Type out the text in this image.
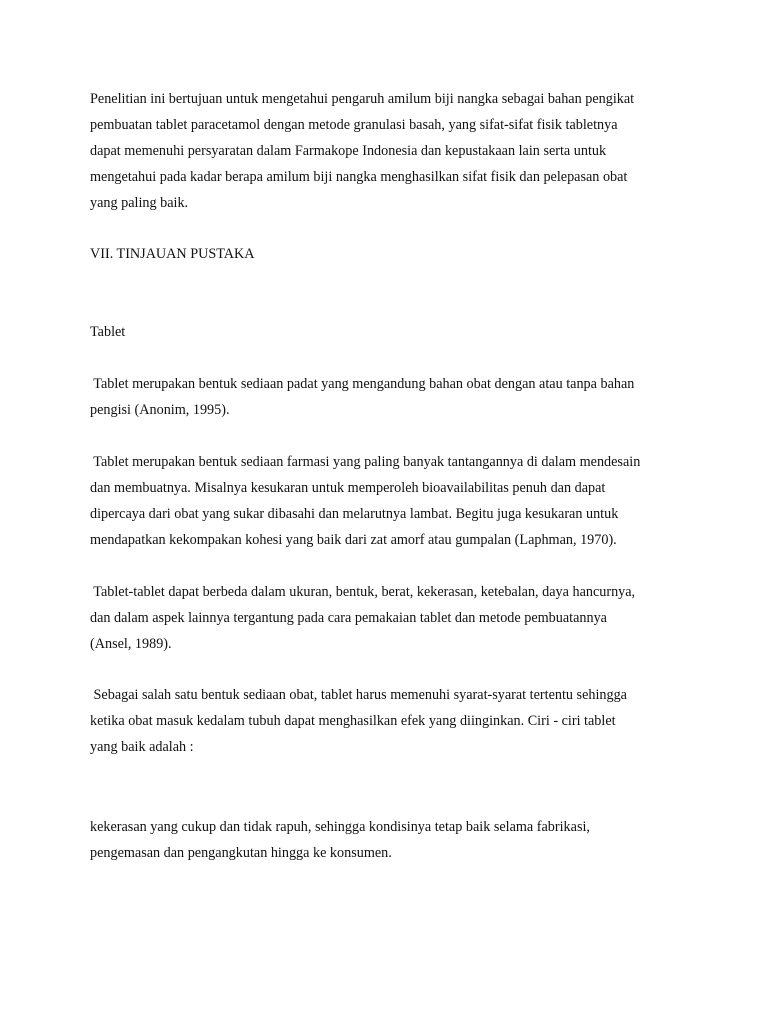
Penelitian ini bertujuan untuk mengetahui pengaruh amilum biji nangka sebagai bahan pengikat

pembuatan tablet paracetamol dengan metode granulasi basah, yang sifat-sifat fisik tabletnya

dapat memenuhi persyaratan dalam Farmakope Indonesia dan kepustakaan lain serta untuk

mengetahui pada kadar berapa amilum biji nangka menghasilkan sifat fisik dan pelepasan obat

yang paling baik.

VII. TINJAUAN PUSTAKA

Tablet

Tablet merupakan bentuk sediaan padat yang mengandung bahan obat dengan atau tanpa bahan

pengisi (Anonim, 1995).

Tablet merupakan bentuk sediaan farmasi yang paling banyak tantangannya di dalam mendesain

dan membuatnya. Misalnya kesukaran untuk memperoleh bioavailabilitas penuh dan dapat

dipercaya dari obat yang sukar dibasahi dan melarutnya lambat. Begitu juga kesukaran untuk

mendapatkan kekompakan kohesi yang baik dari zat amorf atau gumpalan (Laphman, 1970).

Tablet-tablet dapat berbeda dalam ukuran, bentuk, berat, kekerasan, ketebalan, daya hancurnya,

dan dalam aspek lainnya tergantung pada cara pemakaian tablet dan metode pembuatannya

(Ansel, 1989).

Sebagai salah satu bentuk sediaan obat, tablet harus memenuhi syarat-syarat tertentu sehingga

ketika obat masuk kedalam tubuh dapat menghasilkan efek yang diinginkan. Ciri - ciri tablet

yang baik adalah :

kekerasan yang cukup dan tidak rapuh, sehingga kondisinya tetap baik selama fabrikasi,

pengemasan dan pengangkutan hingga ke konsumen.
